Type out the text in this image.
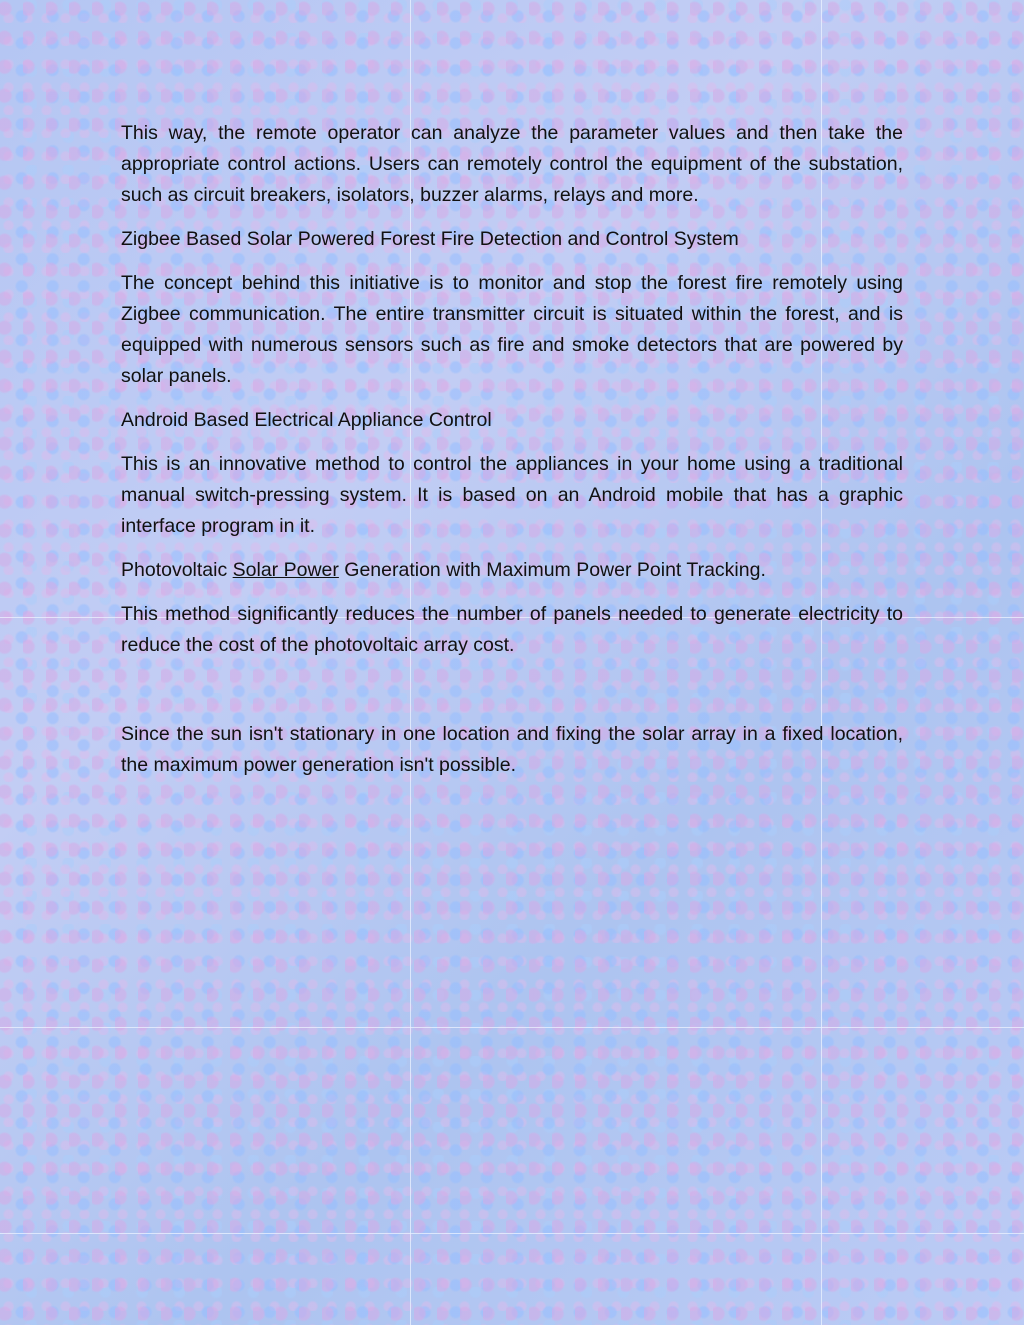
This way, the remote operator can analyze the parameter values and then take the appropriate control actions. Users can remotely control the equipment of the substation, such as circuit breakers, isolators, buzzer alarms, relays and more.

Zigbee Based Solar Powered Forest Fire Detection and Control System

The concept behind this initiative is to monitor and stop the forest fire remotely using Zigbee communication. The entire transmitter circuit is situated within the forest, and is equipped with numerous sensors such as fire and smoke detectors that are powered by solar panels.

Android Based Electrical Appliance Control

This is an innovative method to control the appliances in your home using a traditional manual switch-pressing system. It is based on an Android mobile that has a graphic interface program in it.

Photovoltaic Solar Power Generation with Maximum Power Point Tracking.

This method significantly reduces the number of panels needed to generate electricity to reduce the cost of the photovoltaic array cost.

Since the sun isn't stationary in one location and fixing the solar array in a fixed location, the maximum power generation isn't possible.
